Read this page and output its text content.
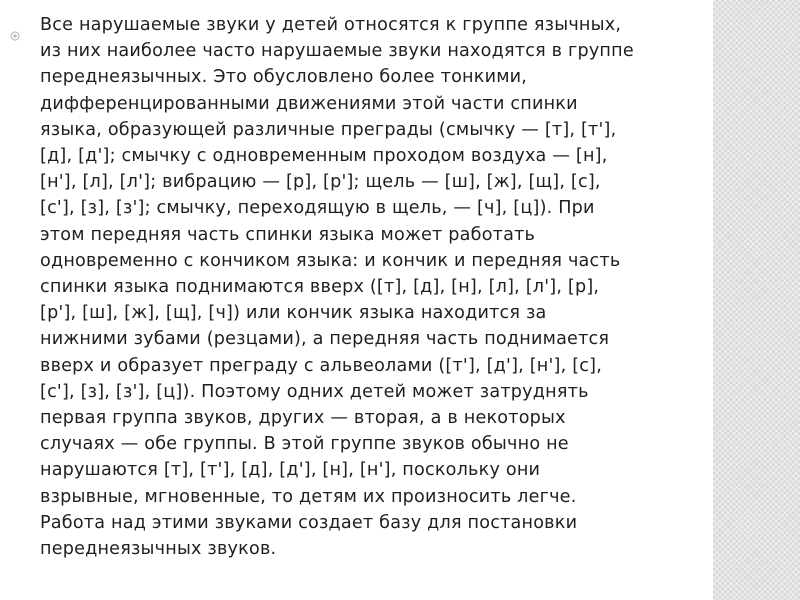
Все нарушаемые звуки у детей относятся к группе язычных,
из них наиболее часто нарушаемые звуки находятся в группе
переднеязычных. Это обусловлено более тонкими,
дифференцированными движениями этой части спинки
языка, образующей различные преграды (смычку — [т], [т'],
[д], [д']; смычку с одновременным проходом воздуха — [н],
[н'], [л], [л']; вибрацию — [р], [р']; щель — [ш], [ж], [щ], [с],
[с'], [з], [з']; смычку, переходящую в щель, — [ч], [ц]). При
этом передняя часть спинки языка может работать
одновременно с кончиком языка: и кончик и передняя часть
спинки языка поднимаются вверх ([т], [д], [н], [л], [л'], [р],
[р'], [ш], [ж], [щ], [ч]) или кончик языка находится за
нижними зубами (резцами), а передняя часть поднимается
вверх и образует преграду с альвеолами ([т'], [д'], [н'], [с],
[с'], [з], [з'], [ц]). Поэтому одних детей может затруднять
первая группа звуков, других — вторая, а в некоторых
случаях — обе группы. В этой группе звуков обычно не
нарушаются [т], [т'], [д], [д'], [н], [н'], поскольку они
взрывные, мгновенные, то детям их произносить легче.
Работа над этими звуками создает базу для постановки
переднеязычных звуков.
